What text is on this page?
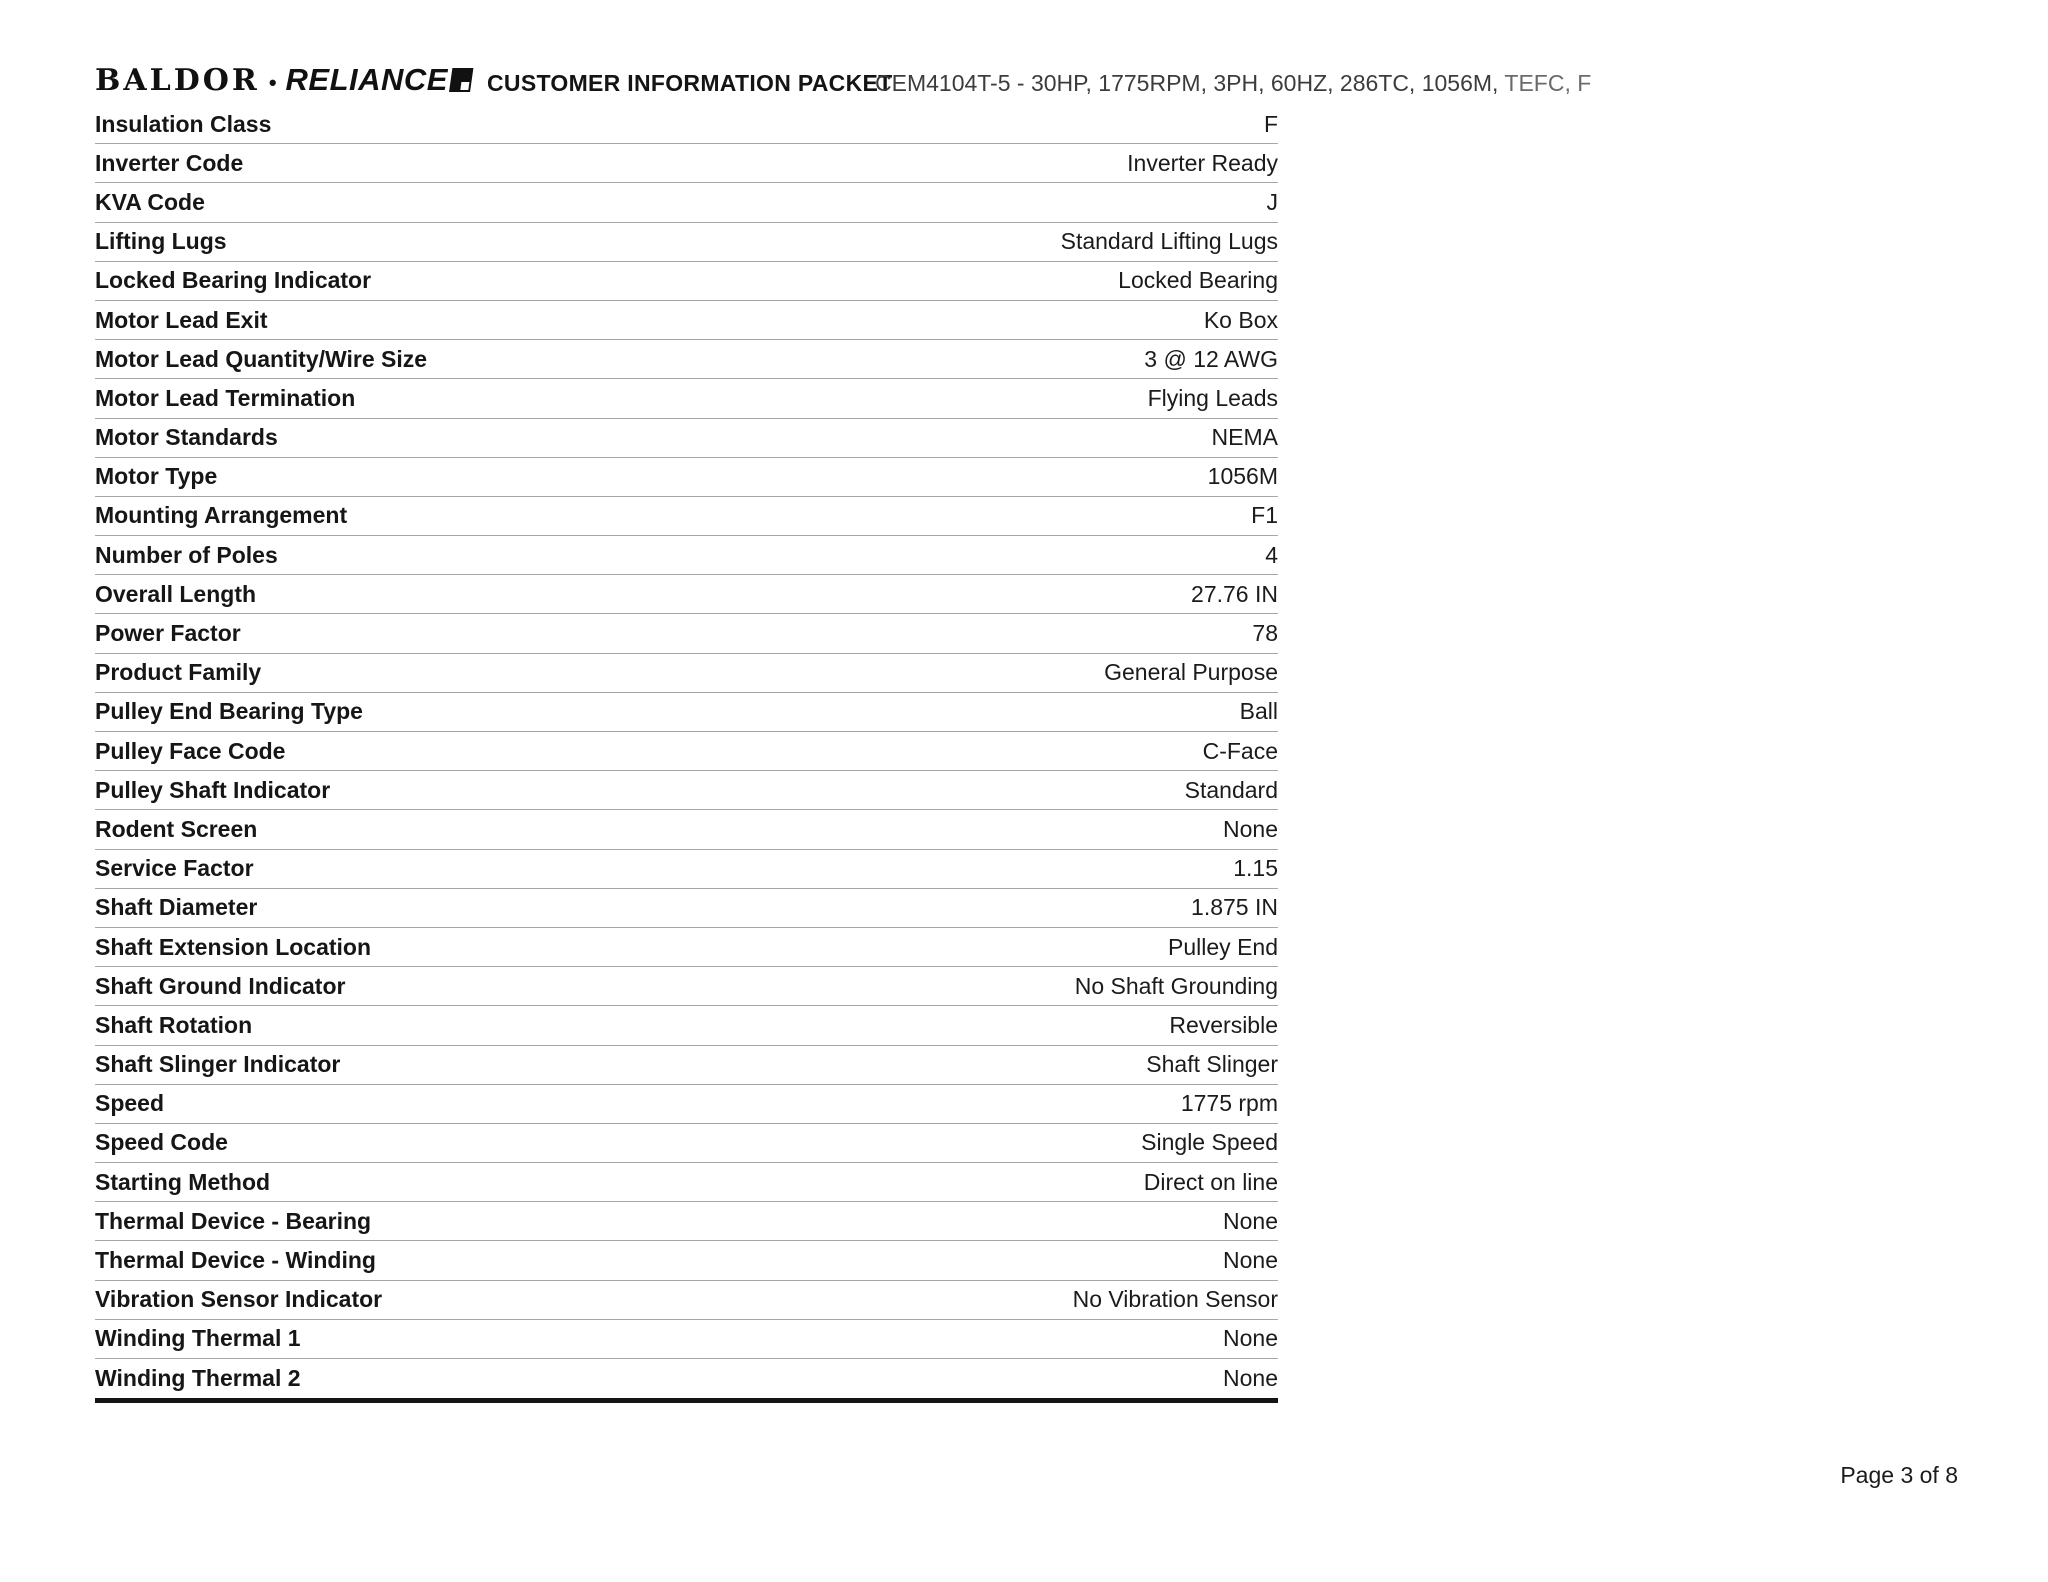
BALDOR • RELIANCE CUSTOMER INFORMATION PACKET
CEM4104T-5 - 30HP, 1775RPM, 3PH, 60HZ, 286TC, 1056M, TEFC, F
Insulation Class	F
Inverter Code	Inverter Ready
KVA Code	J
Lifting Lugs	Standard Lifting Lugs
Locked Bearing Indicator	Locked Bearing
Motor Lead Exit	Ko Box
Motor Lead Quantity/Wire Size	3 @ 12 AWG
Motor Lead Termination	Flying Leads
Motor Standards	NEMA
Motor Type	1056M
Mounting Arrangement	F1
Number of Poles	4
Overall Length	27.76 IN
Power Factor	78
Product Family	General Purpose
Pulley End Bearing Type	Ball
Pulley Face Code	C-Face
Pulley Shaft Indicator	Standard
Rodent Screen	None
Service Factor	1.15
Shaft Diameter	1.875 IN
Shaft Extension Location	Pulley End
Shaft Ground Indicator	No Shaft Grounding
Shaft Rotation	Reversible
Shaft Slinger Indicator	Shaft Slinger
Speed	1775 rpm
Speed Code	Single Speed
Starting Method	Direct on line
Thermal Device - Bearing	None
Thermal Device - Winding	None
Vibration Sensor Indicator	No Vibration Sensor
Winding Thermal 1	None
Winding Thermal 2	None
Page 3 of 8
